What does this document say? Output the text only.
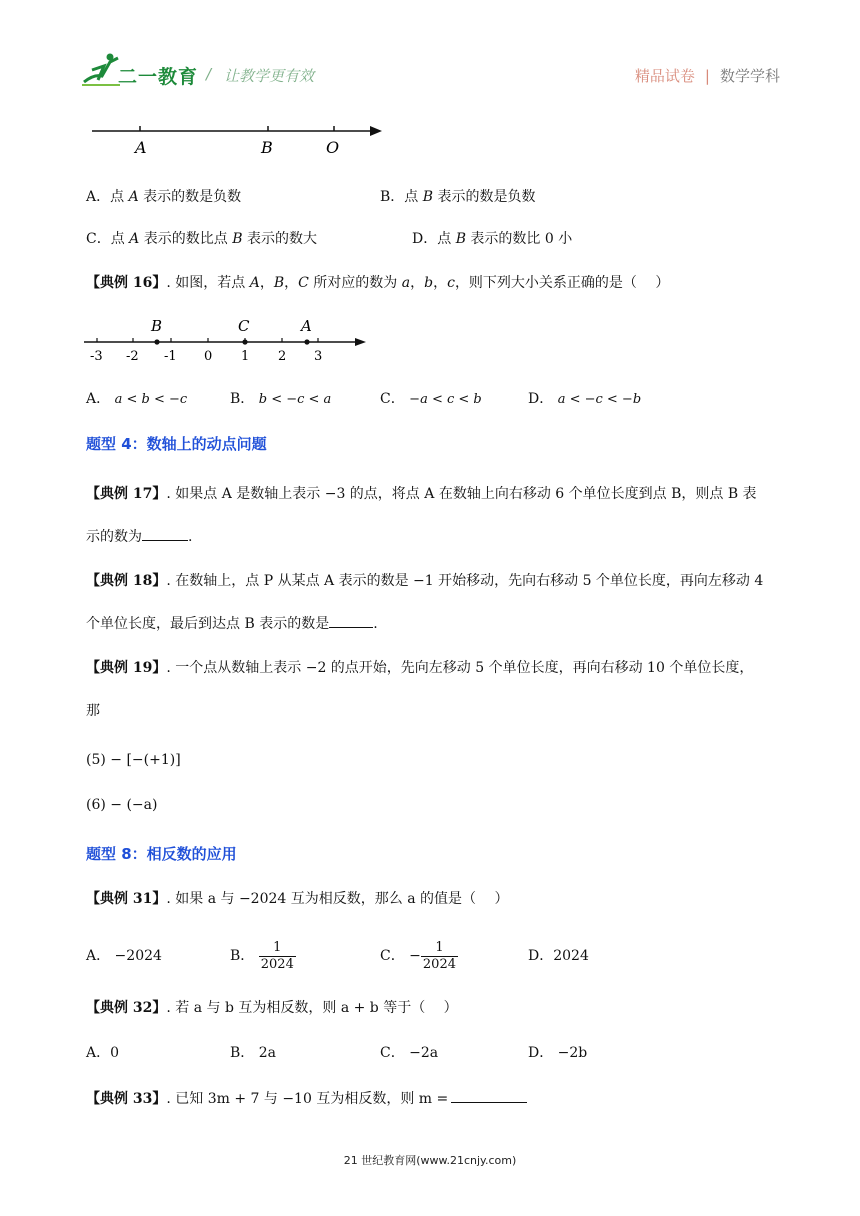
二一教育 / 让教学更有效	精品试卷 | 数学学科
A	B	O
A．点 A 表示的数是负数	B．点 B 表示的数是负数
C．点 A 表示的数比点 B 表示的数大	D．点 B 表示的数比 0 小
【典例 16】. 如图，若点 A，B，C 所对应的数为 a，b，c，则下列大小关系正确的是（　 ）
B	C	A
-3 -2 -1 0 1 2 3
A． a < b < −c	B． b < −c < a	C． −a < c < b	D． a < −c < −b
题型 4：数轴上的动点问题
【典例 17】. 如果点 A 是数轴上表示 −3 的点，将点 A 在数轴上向右移动 6 个单位长度到点 B，则点 B 表
示的数为	.
【典例 18】. 在数轴上，点 P 从某点 A 表示的数是 −1 开始移动，先向右移动 5 个单位长度，再向左移动 4
个单位长度，最后到达点 B 表示的数是	.
【典例 19】. 一个点从数轴上表示 −2 的点开始，先向左移动 5 个单位长度，再向右移动 10 个单位长度，
那
(5) − [−(+1)]
(6) − (−a)
题型 8：相反数的应用
【典例 31】. 如果 a 与 −2024 互为相反数，那么 a 的值是（　 ）
A． −2024	B． $\frac{1}{2024}$	C． − $\frac{1}{2024}$	D．2024
【典例 32】. 若 a 与 b 互为相反数，则 a + b 等于（　 ）
A．0	B． 2a	C． −2a	D． −2b
【典例 33】. 已知 3m + 7 与 −10 互为相反数，则 m =
21 世纪教育网(www.21cnjy.com)
